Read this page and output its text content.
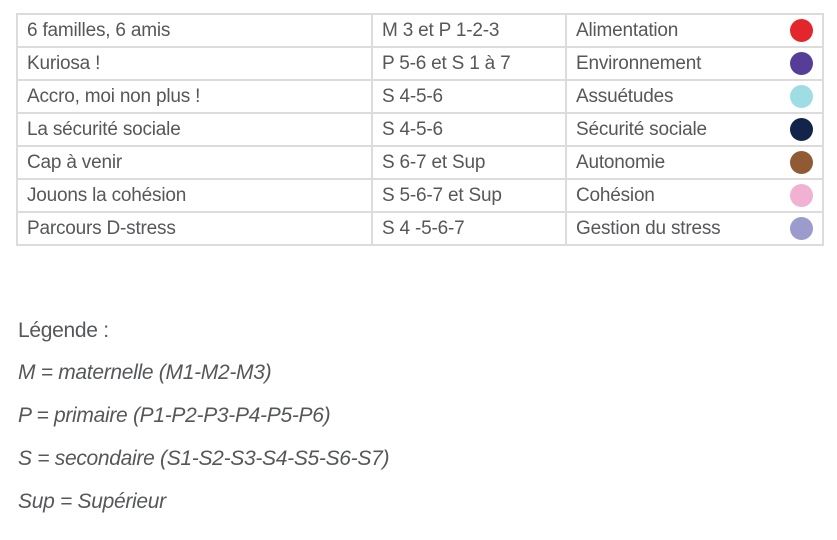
6 familles, 6 amis	M 3 et P 1-2-3	Alimentation

Kuriosa !	P 5-6 et S 1 à 7	Environnement

Accro, moi non plus !	S 4-5-6	Assuétudes

La sécurité sociale	S 4-5-6	Sécurité sociale

Cap à venir	S 6-7 et Sup	Autonomie

Jouons la cohésion	S 5-6-7 et Sup	Cohésion

Parcours D-stress	S 4 -5-6-7	Gestion du stress
Légende :
M = maternelle (M1-M2-M3)
P = primaire (P1-P2-P3-P4-P5-P6)
S = secondaire (S1-S2-S3-S4-S5-S6-S7)
Sup = Supérieur
